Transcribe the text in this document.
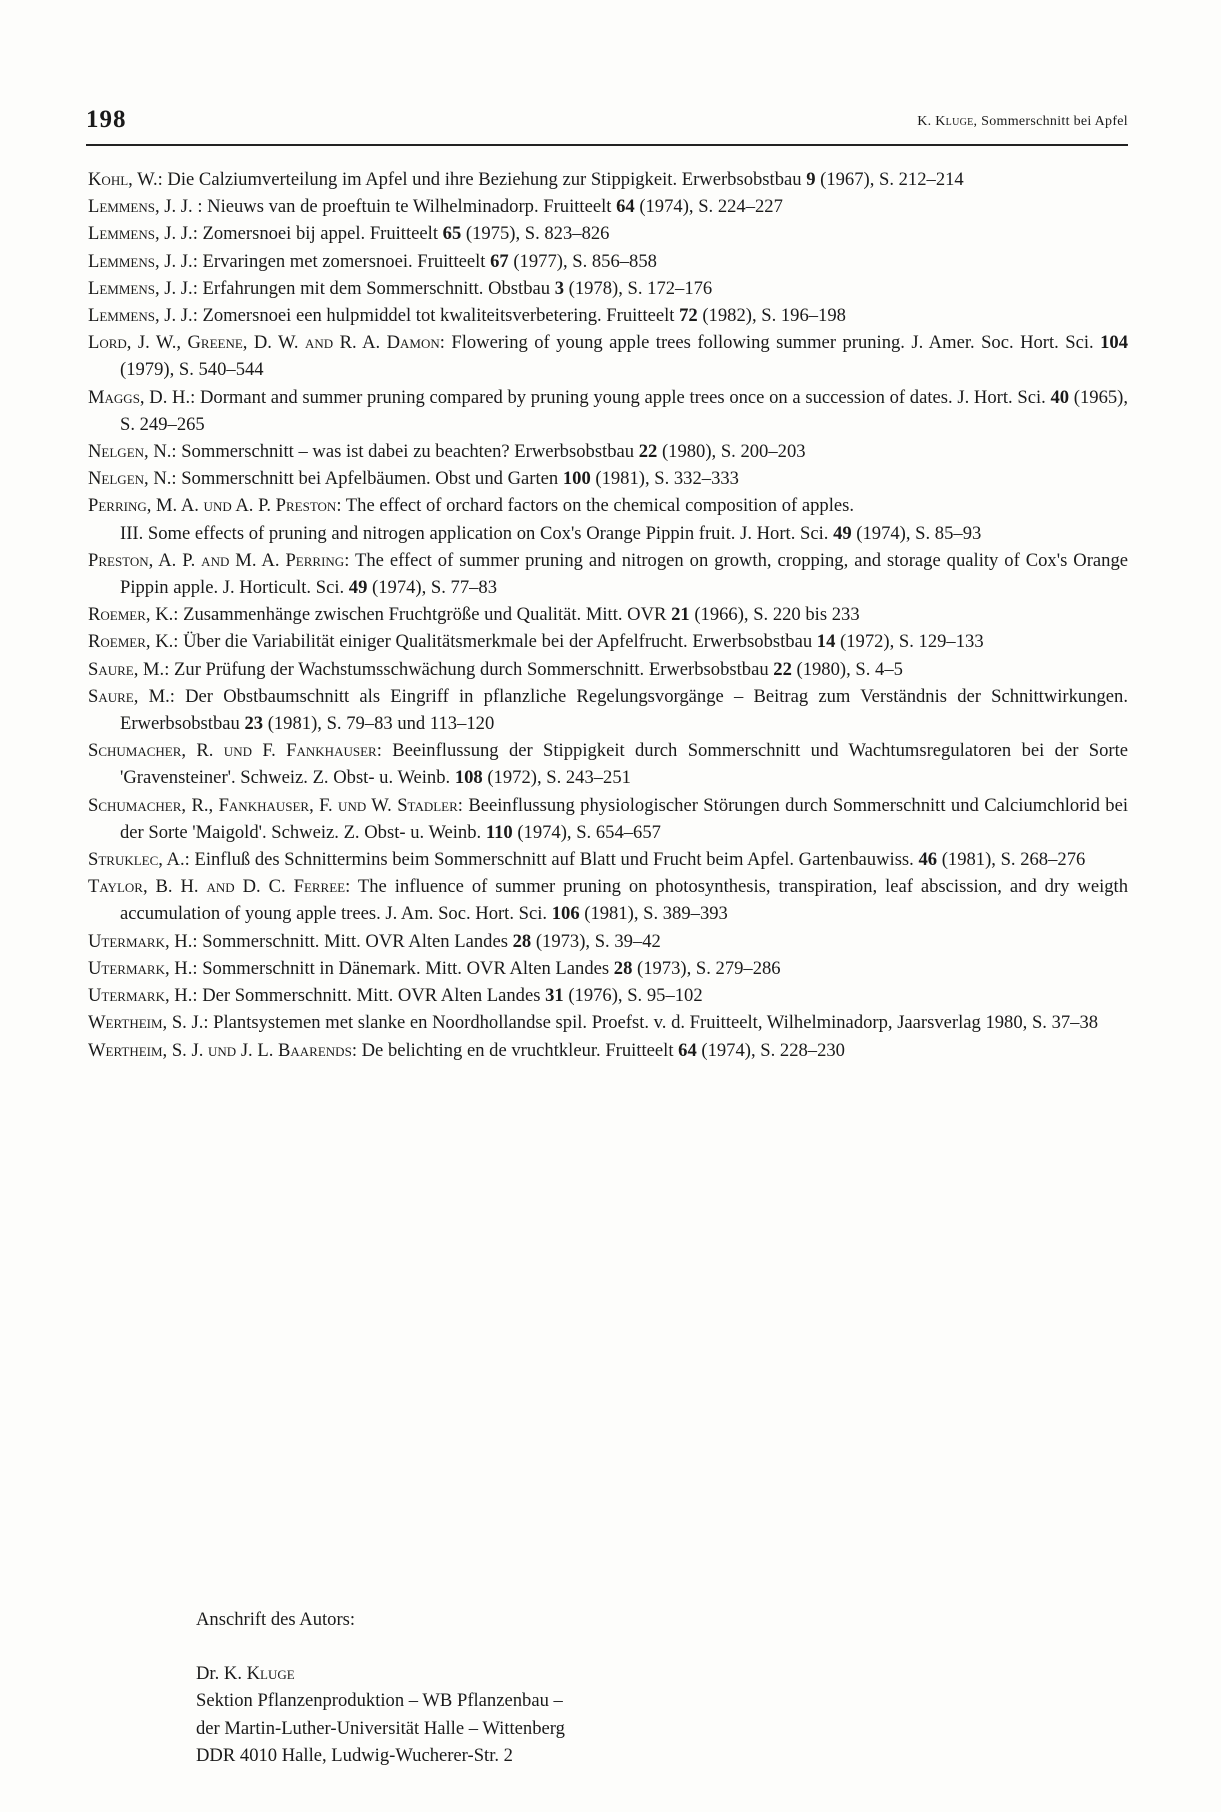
198	K. Kluge, Sommerschnitt bei Apfel
Kohl, W.: Die Calziumverteilung im Apfel und ihre Beziehung zur Stippigkeit. Erwerbsobstbau 9 (1967), S. 212–214
Lemmens, J. J. : Nieuws van de proeftuin te Wilhelminadorp. Fruitteelt 64 (1974), S. 224–227
Lemmens, J. J.: Zomersnoei bij appel. Fruitteelt 65 (1975), S. 823–826
Lemmens, J. J.: Ervaringen met zomersnoei. Fruitteelt 67 (1977), S. 856–858
Lemmens, J. J.: Erfahrungen mit dem Sommerschnitt. Obstbau 3 (1978), S. 172–176
Lemmens, J. J.: Zomersnoei een hulpmiddel tot kwaliteitsverbetering. Fruitteelt 72 (1982), S. 196–198
Lord, J. W., Greene, D. W. and R. A. Damon: Flowering of young apple trees following summer pruning. J. Amer. Soc. Hort. Sci. 104 (1979), S. 540–544
Maggs, D. H.: Dormant and summer pruning compared by pruning young apple trees once on a succession of dates. J. Hort. Sci. 40 (1965), S. 249–265
Nelgen, N.: Sommerschnitt – was ist dabei zu beachten? Erwerbsobstbau 22 (1980), S. 200–203
Nelgen, N.: Sommerschnitt bei Apfelbäumen. Obst und Garten 100 (1981), S. 332–333
Perring, M. A. und A. P. Preston: The effect of orchard factors on the chemical composition of apples.
III. Some effects of pruning and nitrogen application on Cox's Orange Pippin fruit. J. Hort. Sci. 49 (1974), S. 85–93
Preston, A. P. and M. A. Perring: The effect of summer pruning and nitrogen on growth, cropping, and storage quality of Cox's Orange Pippin apple. J. Horticult. Sci. 49 (1974), S. 77–83
Roemer, K.: Zusammenhänge zwischen Fruchtgröße und Qualität. Mitt. OVR 21 (1966), S. 220 bis 233
Roemer, K.: Über die Variabilität einiger Qualitätsmerkmale bei der Apfelfrucht. Erwerbsobstbau 14 (1972), S. 129–133
Saure, M.: Zur Prüfung der Wachstumsschwächung durch Sommerschnitt. Erwerbsobstbau 22 (1980), S. 4–5
Saure, M.: Der Obstbaumschnitt als Eingriff in pflanzliche Regelungsvorgänge – Beitrag zum Verständnis der Schnittwirkungen. Erwerbsobstbau 23 (1981), S. 79–83 und 113–120
Schumacher, R. und F. Fankhauser: Beeinflussung der Stippigkeit durch Sommerschnitt und Wachtumsregulatoren bei der Sorte 'Gravensteiner'. Schweiz. Z. Obst- u. Weinb. 108 (1972), S. 243–251
Schumacher, R., Fankhauser, F. und W. Stadler: Beeinflussung physiologischer Störungen durch Sommerschnitt und Calciumchlorid bei der Sorte 'Maigold'. Schweiz. Z. Obst- u. Weinb. 110 (1974), S. 654–657
Struklec, A.: Einfluß des Schnittermins beim Sommerschnitt auf Blatt und Frucht beim Apfel. Gartenbauwiss. 46 (1981), S. 268–276
Taylor, B. H. and D. C. Ferree: The influence of summer pruning on photosynthesis, transpiration, leaf abscission, and dry weigth accumulation of young apple trees. J. Am. Soc. Hort. Sci. 106 (1981), S. 389–393
Utermark, H.: Sommerschnitt. Mitt. OVR Alten Landes 28 (1973), S. 39–42
Utermark, H.: Sommerschnitt in Dänemark. Mitt. OVR Alten Landes 28 (1973), S. 279–286
Utermark, H.: Der Sommerschnitt. Mitt. OVR Alten Landes 31 (1976), S. 95–102
Wertheim, S. J.: Plantsystemen met slanke en Noordhollandse spil. Proefst. v. d. Fruitteelt, Wilhelminadorp, Jaarsverlag 1980, S. 37–38
Wertheim, S. J. und J. L. Baarends: De belichting en de vruchtkleur. Fruitteelt 64 (1974), S. 228–230
Anschrift des Autors:
Dr. K. Kluge
Sektion Pflanzenproduktion – WB Pflanzenbau –
der Martin-Luther-Universität Halle – Wittenberg
DDR 4010 Halle, Ludwig-Wucherer-Str. 2
